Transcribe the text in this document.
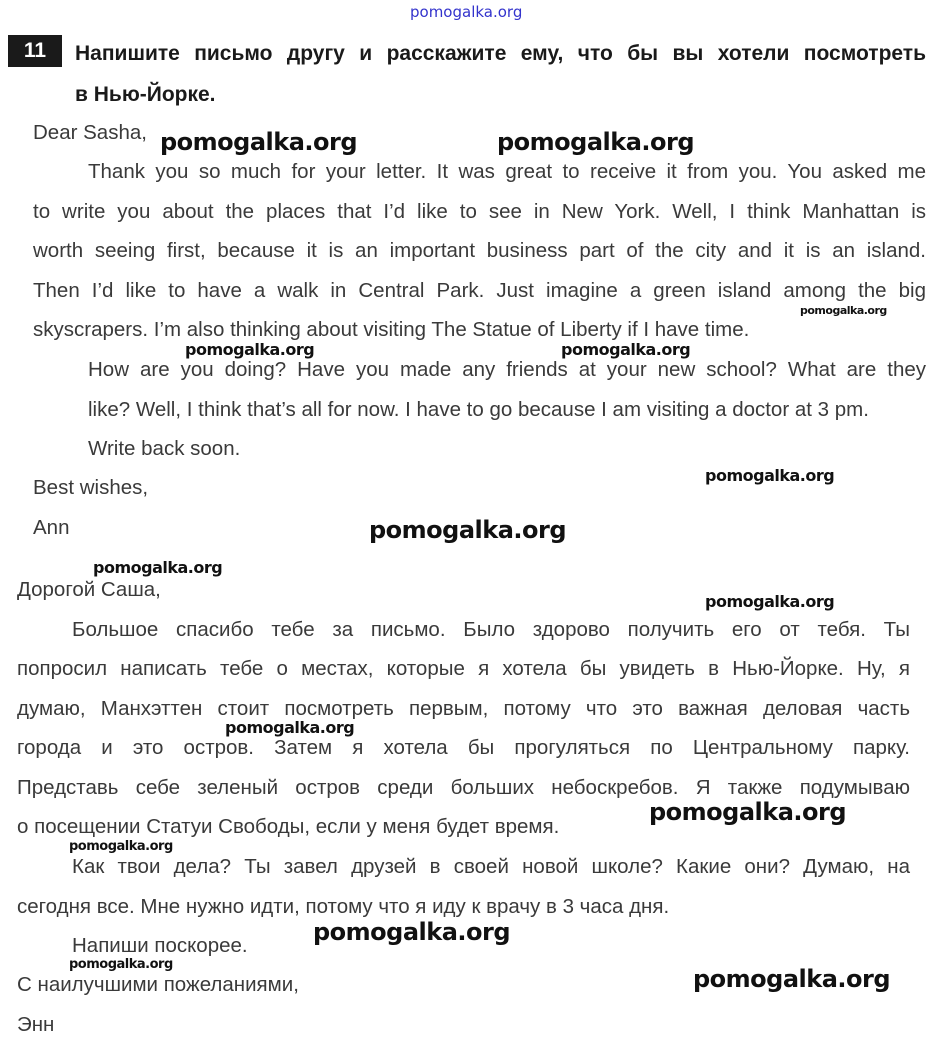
pomogalka.org
11	Напишите письмо другу и расскажите ему, что бы вы хотели посмотреть
в Нью-Йорке.
Dear Sasha,
Thank you so much for your letter. It was great to receive it from you. You asked me
to write you about the places that I’d like to see in New York. Well, I think Manhattan is
worth seeing first, because it is an important business part of the city and it is an island.
Then I’d like to have a walk in Central Park. Just imagine a green island among the big
skyscrapers. I’m also thinking about visiting The Statue of Liberty if I have time.
How are you doing? Have you made any friends at your new school? What are they
like? Well, I think that’s all for now. I have to go because I am visiting a doctor at 3 pm.
Write back soon.
Best wishes,
Ann
Дорогой Саша,
Большое спасибо тебе за письмо. Было здорово получить его от тебя. Ты
попросил написать тебе о местах, которые я хотела бы увидеть в Нью-Йорке. Ну, я
думаю, Манхэттен стоит посмотреть первым, потому что это важная деловая часть
города и это остров. Затем я хотела бы прогуляться по Центральному парку.
Представь себе зеленый остров среди больших небоскребов. Я также подумываю
о посещении Статуи Свободы, если у меня будет время.
Как твои дела? Ты завел друзей в своей новой школе? Какие они? Думаю, на
сегодня все. Мне нужно идти, потому что я иду к врачу в 3 часа дня.
Напиши поскорее.
С наилучшими пожеланиями,
Энн
pomogalka.org	pomogalka.org
pomogalka.org
pomogalka.org	pomogalka.org
pomogalka.org
pomogalka.org
pomogalka.org
pomogalka.org
pomogalka.org
pomogalka.org
pomogalka.org
pomogalka.org
pomogalka.org
pomogalka.org
